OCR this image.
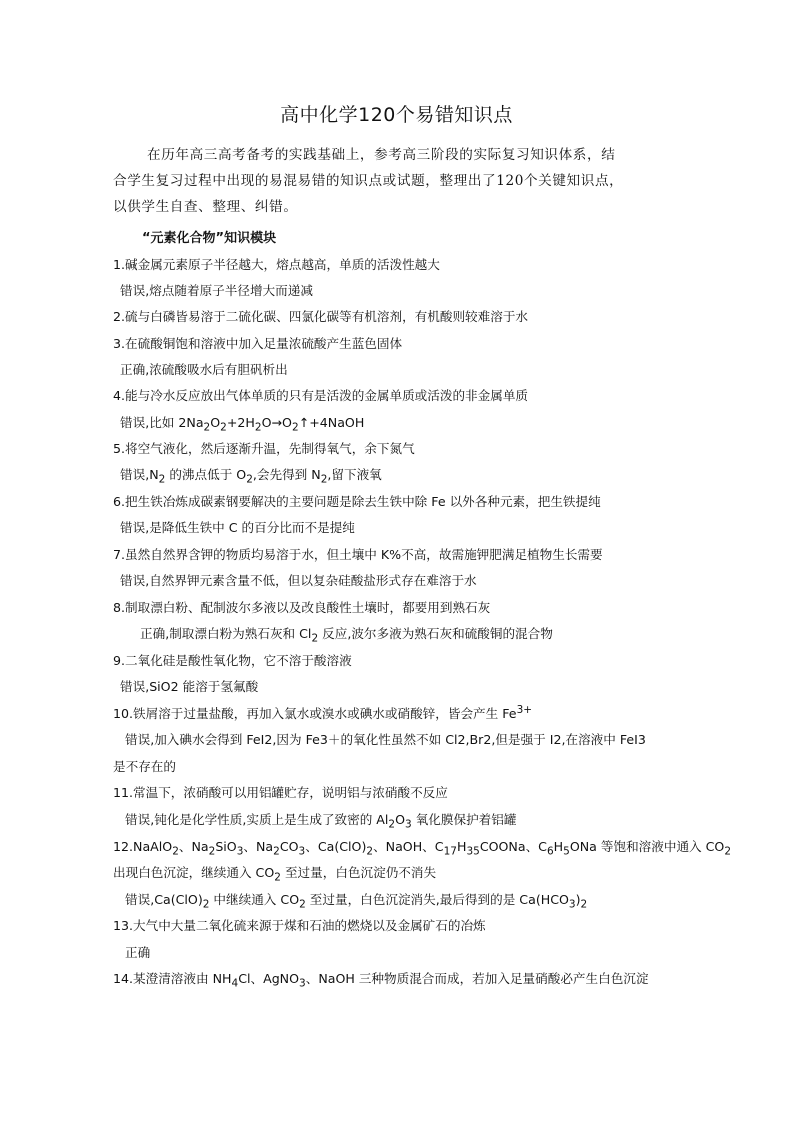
高中化学120个易错知识点
在历年高三高考备考的实践基础上，参考高三阶段的实际复习知识体系，结
合学生复习过程中出现的易混易错的知识点或试题，整理出了120个关键知识点，
以供学生自查、整理、纠错。
“元素化合物”知识模块
1.碱金属元素原子半径越大，熔点越高，单质的活泼性越大
错误,熔点随着原子半径增大而递减
2.硫与白磷皆易溶于二硫化碳、四氯化碳等有机溶剂，有机酸则较难溶于水
3.在硫酸铜饱和溶液中加入足量浓硫酸产生蓝色固体
正确,浓硫酸吸水后有胆矾析出
4.能与冷水反应放出气体单质的只有是活泼的金属单质或活泼的非金属单质
错误,比如 $2Na_2O_2+2H_2O\to O_2↑+4NaOH$
5.将空气液化，然后逐渐升温，先制得氧气，余下氮气
错误$,N_2$ 的沸点低于 $O_2$,会先得到 $N_2$,留下液氧
6.把生铁冶炼成碳素钢要解决的主要问题是除去生铁中除 Fe 以外各种元素，把生铁提纯
错误,是降低生铁中 C 的百分比而不是提纯
7.虽然自然界含钾的物质均易溶于水，但土壤中 K%不高，故需施钾肥满足植物生长需要
错误,自然界钾元素含量不低，但以复杂硅酸盐形式存在难溶于水
8.制取漂白粉、配制波尔多液以及改良酸性土壤时，都要用到熟石灰
正确,制取漂白粉为熟石灰和 $Cl_2$ 反应,波尔多液为熟石灰和硫酸铜的混合物
9.二氧化硅是酸性氧化物，它不溶于酸溶液
错误,SiO2 能溶于氢氟酸
10.铁屑溶于过量盐酸，再加入氯水或溴水或碘水或硝酸锌，皆会产生 $Fe^{3+}$
错误,加入碘水会得到 FeI2,因为 Fe3＋的氧化性虽然不如 Cl2,Br2,但是强于 I2,在溶液中 FeI3
是不存在的
11.常温下，浓硝酸可以用铝罐贮存，说明铝与浓硝酸不反应
错误,钝化是化学性质,实质上是生成了致密的 $Al_2O_3$ 氧化膜保护着铝罐
12.NaAlO$_2$、$Na_2SiO_3$、$Na_2CO_3$、$Ca(ClO)_2$、NaOH、$C_{17}H_{35}COONa$、$C_6H_5ONa$ 等饱和溶液中通入 $CO_2$
出现白色沉淀，继续通入 $CO_2$ 至过量，白色沉淀仍不消失
错误$,Ca(ClO)_2$ 中继续通入 $CO_2$ 至过量，白色沉淀消失,最后得到的是 $Ca(HCO_3)_2$
13.大气中大量二氧化硫来源于煤和石油的燃烧以及金属矿石的冶炼
正确
14.某澄清溶液由 $NH_4Cl$、AgNO$_3$、NaOH 三种物质混合而成，若加入足量硝酸必产生白色沉淀
